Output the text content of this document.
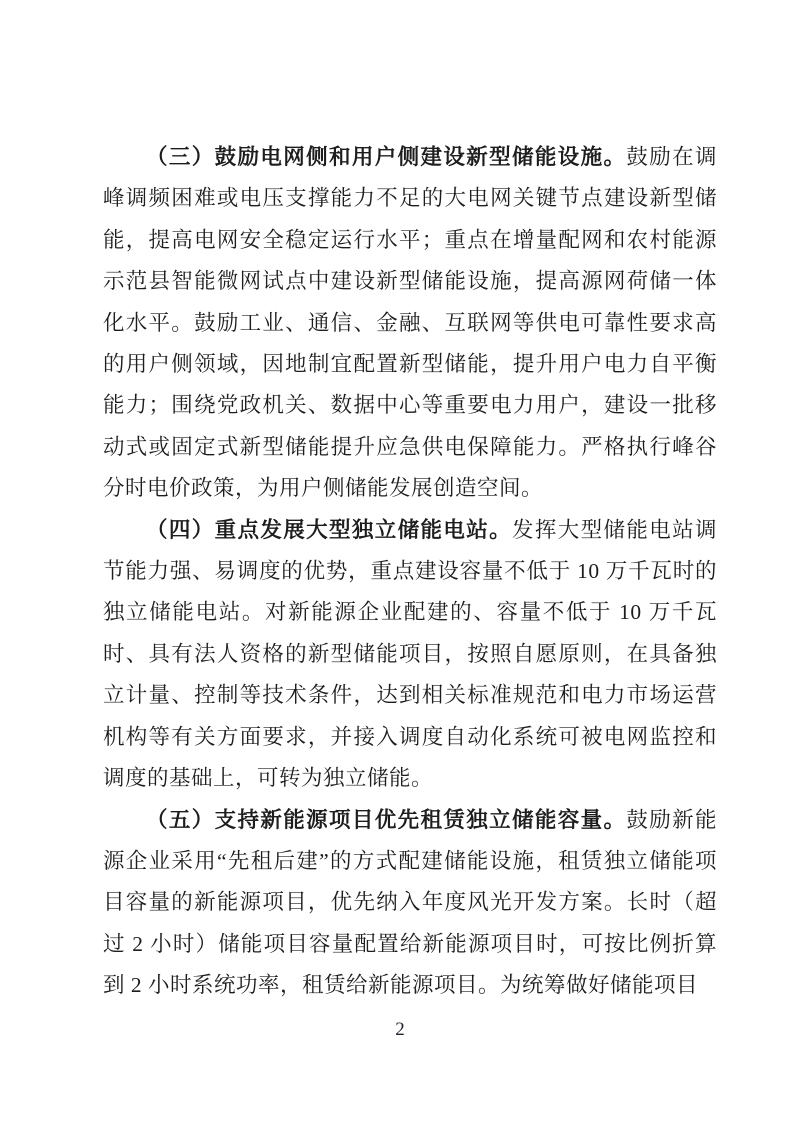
（三）鼓励电网侧和用户侧建设新型储能设施。鼓励在调峰调频困难或电压支撑能力不足的大电网关键节点建设新型储能，提高电网安全稳定运行水平；重点在增量配网和农村能源示范县智能微网试点中建设新型储能设施，提高源网荷储一体化水平。鼓励工业、通信、金融、互联网等供电可靠性要求高的用户侧领域，因地制宜配置新型储能，提升用户电力自平衡能力；围绕党政机关、数据中心等重要电力用户，建设一批移动式或固定式新型储能提升应急供电保障能力。严格执行峰谷分时电价政策，为用户侧储能发展创造空间。

（四）重点发展大型独立储能电站。发挥大型储能电站调节能力强、易调度的优势，重点建设容量不低于 10 万千瓦时的独立储能电站。对新能源企业配建的、容量不低于 10 万千瓦时、具有法人资格的新型储能项目，按照自愿原则，在具备独立计量、控制等技术条件，达到相关标准规范和电力市场运营机构等有关方面要求，并接入调度自动化系统可被电网监控和调度的基础上，可转为独立储能。

（五）支持新能源项目优先租赁独立储能容量。鼓励新能源企业采用“先租后建”的方式配建储能设施，租赁独立储能项目容量的新能源项目，优先纳入年度风光开发方案。长时（超过 2 小时）储能项目容量配置给新能源项目时，可按比例折算到 2 小时系统功率，租赁给新能源项目。为统筹做好储能项目

2
